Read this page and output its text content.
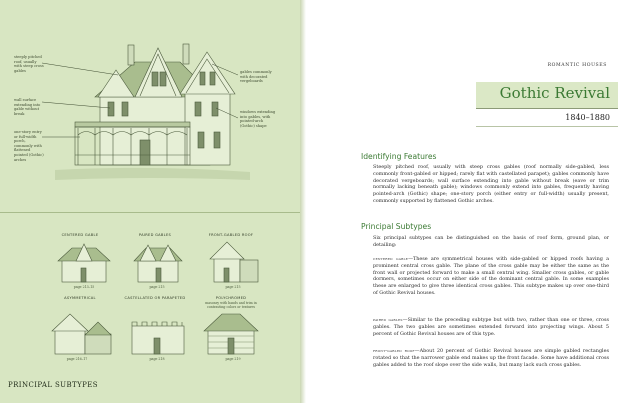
steeply pitched roof, usually with steep cross gables
wall surface extending into gable without break
one-story entry or full-width porch, commonly with flattened pointed (Gothic) arches
gables commonly with decorated vergeboards
windows extending into gables, with pointed-arch (Gothic) shape
CENTERED GABLE	PAIRED GABLES	FRONT-GABLED ROOF
page 213–15	page 215	page 215
ASYMMETRICAL	CASTELLATED OR PARAPETED	POLYCHROMED
masonry with bands and trim in contrasting colors or textures
page 216–17	page 218	page 219
PRINCIPAL SUBTYPES
ROMANTIC HOUSES
Gothic Revival
1840–1880
Identifying Features
Steeply pitched roof, usually with steep cross gables (roof normally side-gabled, less commonly front-gabled or hipped; rarely flat with castellated parapet); gables commonly have decorated vergeboards; wall surface extending into gable without break (eave or trim normally lacking beneath gable); windows commonly extend into gables, frequently having pointed-arch (Gothic) shape; one-story porch (either entry or full-width) usually present, commonly supported by flattened Gothic arches.
Principal Subtypes
Six principal subtypes can be distinguished on the basis of roof form, ground plan, or detailing:
centered gable—These are symmetrical houses with side-gabled or hipped roofs having a prominent central cross gable. The plane of the cross gable may be either the same as the front wall or projected forward to make a small central wing. Smaller cross gables, or gable dormers, sometimes occur on either side of the dominant central gable. In some examples these are enlarged to give three identical cross gables. This subtype makes up over one-third of Gothic Revival houses.
paired gables—Similar to the preceding subtype but with two, rather than one or three, cross gables. The two gables are sometimes extended forward into projecting wings. About 5 percent of Gothic Revival houses are of this type.
front-gabled roof—About 20 percent of Gothic Revival houses are simple gabled rectangles rotated so that the narrower gable end makes up the front facade. Some have additional cross gables added to the roof slope over the side walls, but many lack such cross gables.
